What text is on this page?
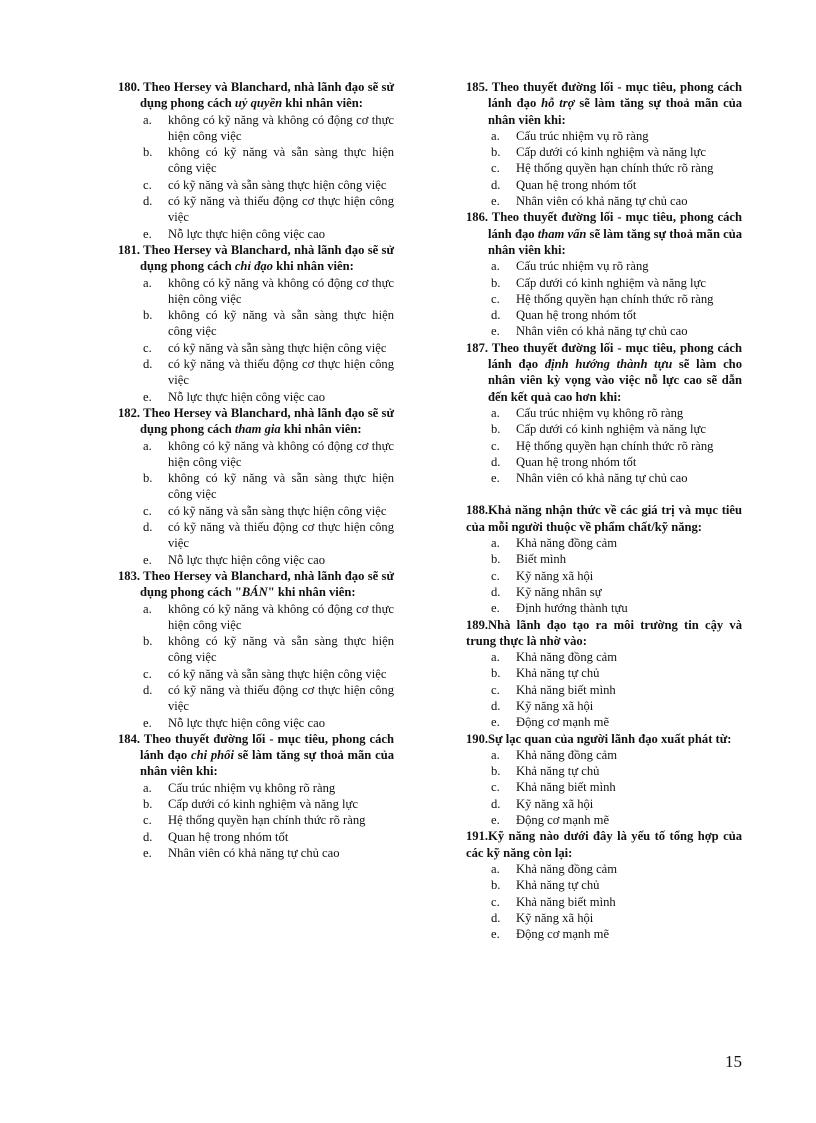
180. Theo Hersey và Blanchard, nhà lãnh đạo sẽ sử dụng phong cách uỷ quyền khi nhân viên:
a.	không có kỹ năng và không có động cơ thực hiện công việc
b.	không có kỹ năng và sẵn sàng thực hiện công việc
c.	có kỹ năng và sẵn sàng thực hiện công việc
d.	có kỹ năng và thiếu động cơ thực hiện công việc
e.	Nỗ lực thực hiện công việc cao
181. Theo Hersey và Blanchard, nhà lãnh đạo sẽ sử dụng phong cách chỉ đạo khi nhân viên:
a.	không có kỹ năng và không có động cơ thực hiện công việc
b.	không có kỹ năng và sẵn sàng thực hiện công việc
c.	có kỹ năng và sẵn sàng thực hiện công việc
d.	có kỹ năng và thiếu động cơ thực hiện công việc
e.	Nỗ lực thực hiện công việc cao
182. Theo Hersey và Blanchard, nhà lãnh đạo sẽ sử dụng phong cách tham gia khi nhân viên:
a.	không có kỹ năng và không có động cơ thực hiện công việc
b.	không có kỹ năng và sẵn sàng thực hiện công việc
c.	có kỹ năng và sẵn sàng thực hiện công việc
d.	có kỹ năng và thiếu động cơ thực hiện công việc
e.	Nỗ lực thực hiện công việc cao
183. Theo Hersey và Blanchard, nhà lãnh đạo sẽ sử dụng phong cách "BÁN" khi nhân viên:
a.	không có kỹ năng và không có động cơ thực hiện công việc
b.	không có kỹ năng và sẵn sàng thực hiện công việc
c.	có kỹ năng và sẵn sàng thực hiện công việc
d.	có kỹ năng và thiếu động cơ thực hiện công việc
e.	Nỗ lực thực hiện công việc cao
184. Theo thuyết đường lối - mục tiêu, phong cách lánh đạo chi phối sẽ làm tăng sự thoả mãn của nhân viên khi:
a.	Cấu trúc nhiệm vụ không rõ ràng
b.	Cấp dưới có kinh nghiệm và năng lực
c.	Hệ thống quyền hạn chính thức rõ ràng
d.	Quan hệ trong nhóm tốt
e.	Nhân viên có khả năng tự chủ cao
185. Theo thuyết đường lối - mục tiêu, phong cách lánh đạo hỗ trợ sẽ làm tăng sự thoả mãn của nhân viên khi:
a.	Cấu trúc nhiệm vụ rõ ràng
b.	Cấp dưới có kinh nghiệm và năng lực
c.	Hệ thống quyền hạn chính thức rõ ràng
d.	Quan hệ trong nhóm tốt
e.	Nhân viên có khả năng tự chủ cao
186. Theo thuyết đường lối - mục tiêu, phong cách lánh đạo tham vấn sẽ làm tăng sự thoả mãn của nhân viên khi:
a.	Cấu trúc nhiệm vụ rõ ràng
b.	Cấp dưới có kinh nghiệm và năng lực
c.	Hệ thống quyền hạn chính thức rõ ràng
d.	Quan hệ trong nhóm tốt
e.	Nhân viên có khả năng tự chủ cao
187. Theo thuyết đường lối - mục tiêu, phong cách lánh đạo định hướng thành tựu sẽ làm cho nhân viên kỳ vọng vào việc nỗ lực cao sẽ dẫn đến kết quả cao hơn khi:
a.	Cấu trúc nhiệm vụ không rõ ràng
b.	Cấp dưới có kinh nghiệm và năng lực
c.	Hệ thống quyền hạn chính thức rõ ràng
d.	Quan hệ trong nhóm tốt
e.	Nhân viên có khả năng tự chủ cao
188.Khả năng nhận thức về các giá trị và mục tiêu của mỗi người thuộc về phẩm chất/kỹ năng:
a.	Khả năng đồng cảm
b.	Biết mình
c.	Kỹ năng xã hội
d.	Kỹ năng nhân sự
e.	Định hướng thành tựu
189.Nhà lãnh đạo tạo ra môi trường tin cậy và trung thực là nhờ vào:
a.	Khả năng đồng cảm
b.	Khả năng tự chủ
c.	Khả năng biết mình
d.	Kỹ năng xã hội
e.	Động cơ mạnh mẽ
190.Sự lạc quan của người lãnh đạo xuất phát từ:
a.	Khả năng đồng cảm
b.	Khả năng tự chủ
c.	Khả năng biết mình
d.	Kỹ năng xã hội
e.	Động cơ mạnh mẽ
191.Kỹ năng nào dưới đây là yếu tố tổng hợp của các kỹ năng còn lại:
a.	Khả năng đồng cảm
b.	Khả năng tự chủ
c.	Khả năng biết mình
d.	Kỹ năng xã hội
e.	Động cơ mạnh mẽ
15
